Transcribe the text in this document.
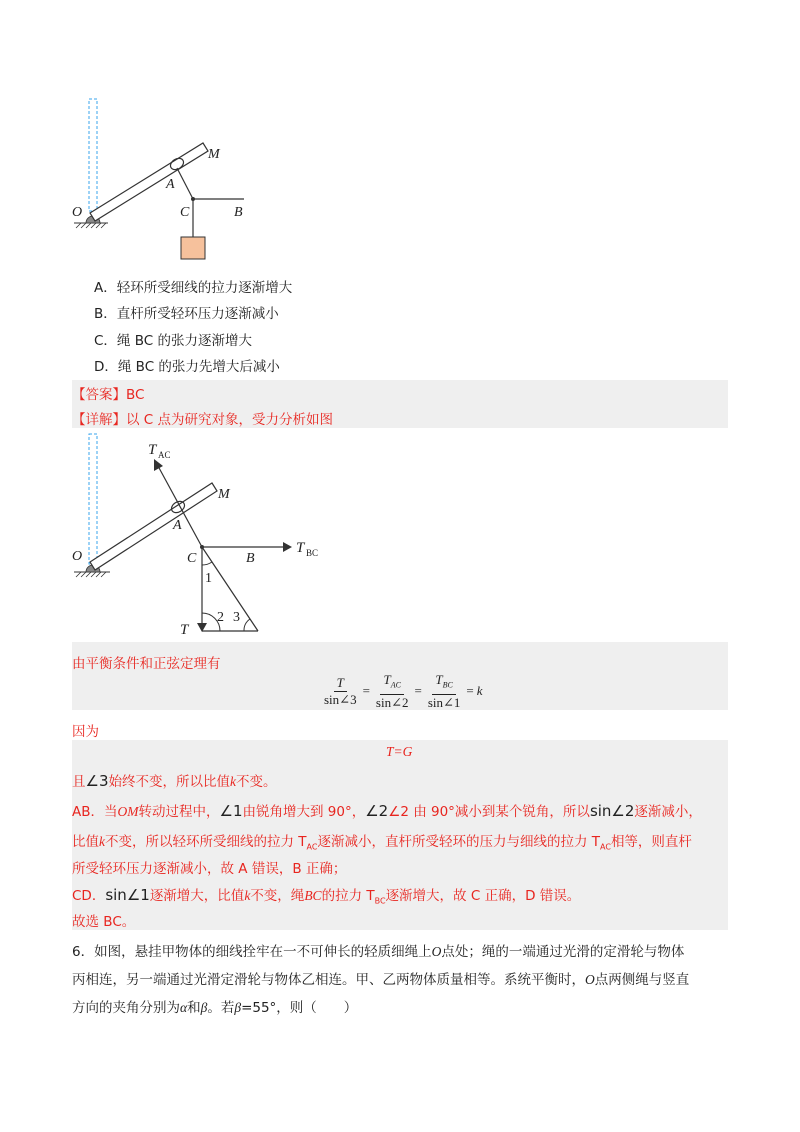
M
A
O	C	B
A．轻环所受细线的拉力逐渐增大
B．直杆所受轻环压力逐渐减小
C．绳 BC 的张力逐渐增大
D．绳 BC 的张力先增大后减小
【答案】BC
【详解】以 C 点为研究对象，受力分析如图
T AC
M
A
O	C	B
T BC
T
1
2 3
由平衡条件和正弦定理有
$\frac{T}{\sin\angle 3} = \frac{T_{AC}}{\sin\angle 2} = \frac{T_{BC}}{\sin\angle 1} = k$
因为
T=G
且∠3始终不变，所以比值k不变。
AB．当OM转动过程中，∠1由锐角增大到 90°，∠2∠2 由 90°减小到某个锐角，所以sin∠2逐渐减小，
比值k不变，所以轻环所受细线的拉力 $T_{AC}$逐渐减小，直杆所受轻环的压力与细线的拉力 $T_{AC}$相等，则直杆
所受轻环压力逐渐减小，故 A 错误，B 正确；
CD．sin∠1逐渐增大，比值k不变，绳BC的拉力 $T_{BC}$逐渐增大，故 C 正确，D 错误。
故选 BC。
6．如图，悬挂甲物体的细线拴牢在一不可伸长的轻质细绳上O点处；绳的一端通过光滑的定滑轮与物体
丙相连，另一端通过光滑定滑轮与物体乙相连。甲、乙两物体质量相等。系统平衡时，O点两侧绳与竖直
方向的夹角分别为α和β。若β=55°，则（　　）
